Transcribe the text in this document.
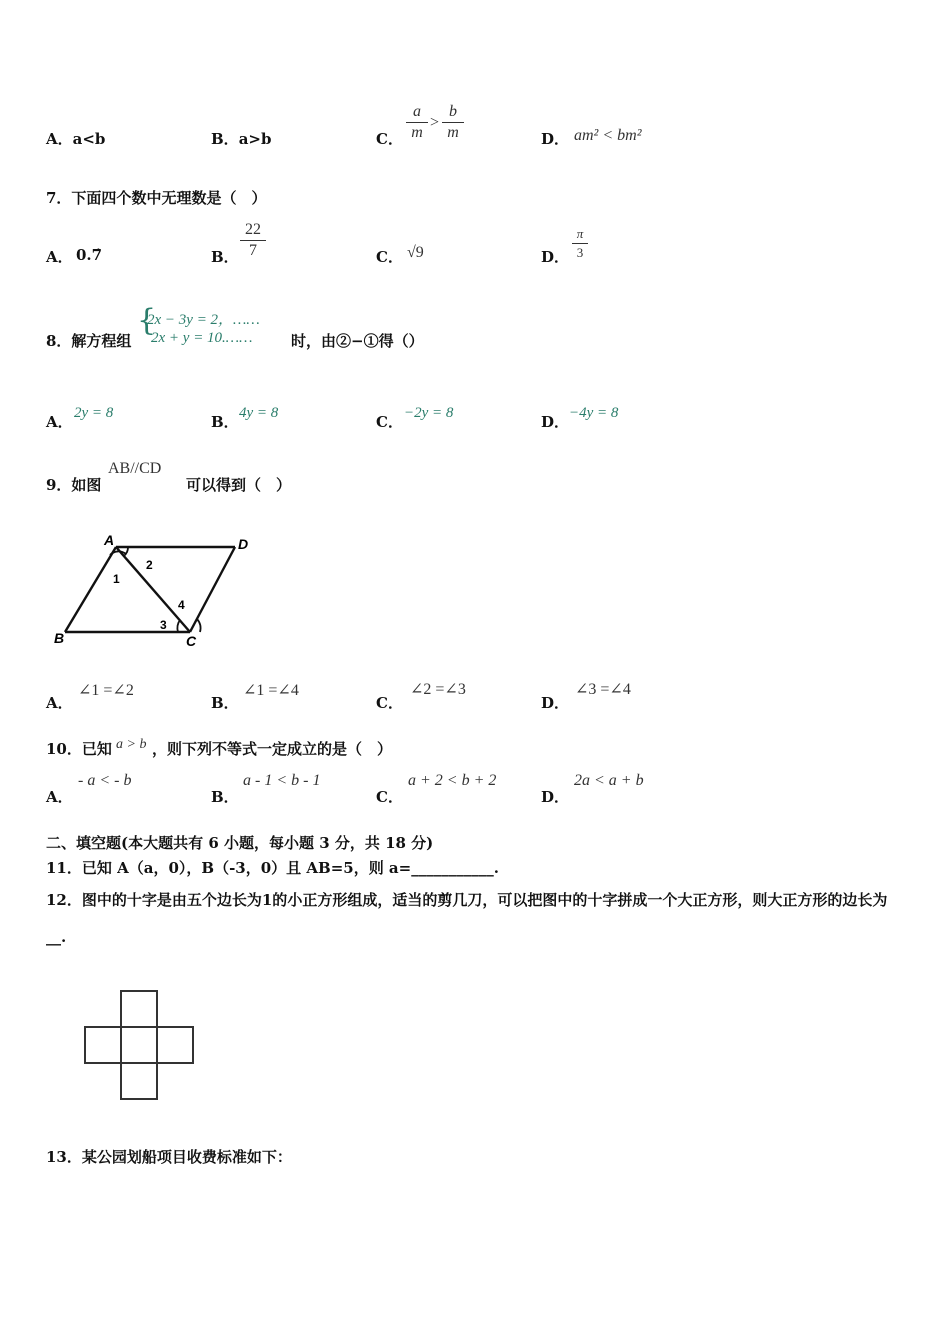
A．a<b	B．a>b	C．
a
m
>
b
m	D． am² < bm²
7．下面四个数中无理数是（　）
A． 0.7̇	B．
22
7	C． √9	D．
π
3
8．解方程组
{
2x − 3y = 2，……
2x + y = 10.……	时，由②−①得（）
A． 2y = 8	B． 4y = 8	C． −2y = 8	D． −4y = 8
9．如图
AB//CD
可以得到（　）
A	D
B	C
1
2
3
4
A．
∠1 =∠2
B．
∠1 =∠4
C．
∠2 =∠3
D．
∠3 =∠4
10．已知 a > b ，则下列不等式一定成立的是（　）
A．
- a < - b
B．
a - 1 < b - 1
C．
a + 2 < b + 2
D．
2a < a + b
二、填空题(本大题共有 6 小题，每小题 3 分，共 18 分)
11．已知 A（a，0），B（-3，0）且 AB=5，则 a=___________.
12．图中的十字是由五个边长为1的小正方形组成，适当的剪几刀，可以把图中的十字拼成一个大正方形，则大正方形的边长为__.
13．某公园划船项目收费标准如下：
